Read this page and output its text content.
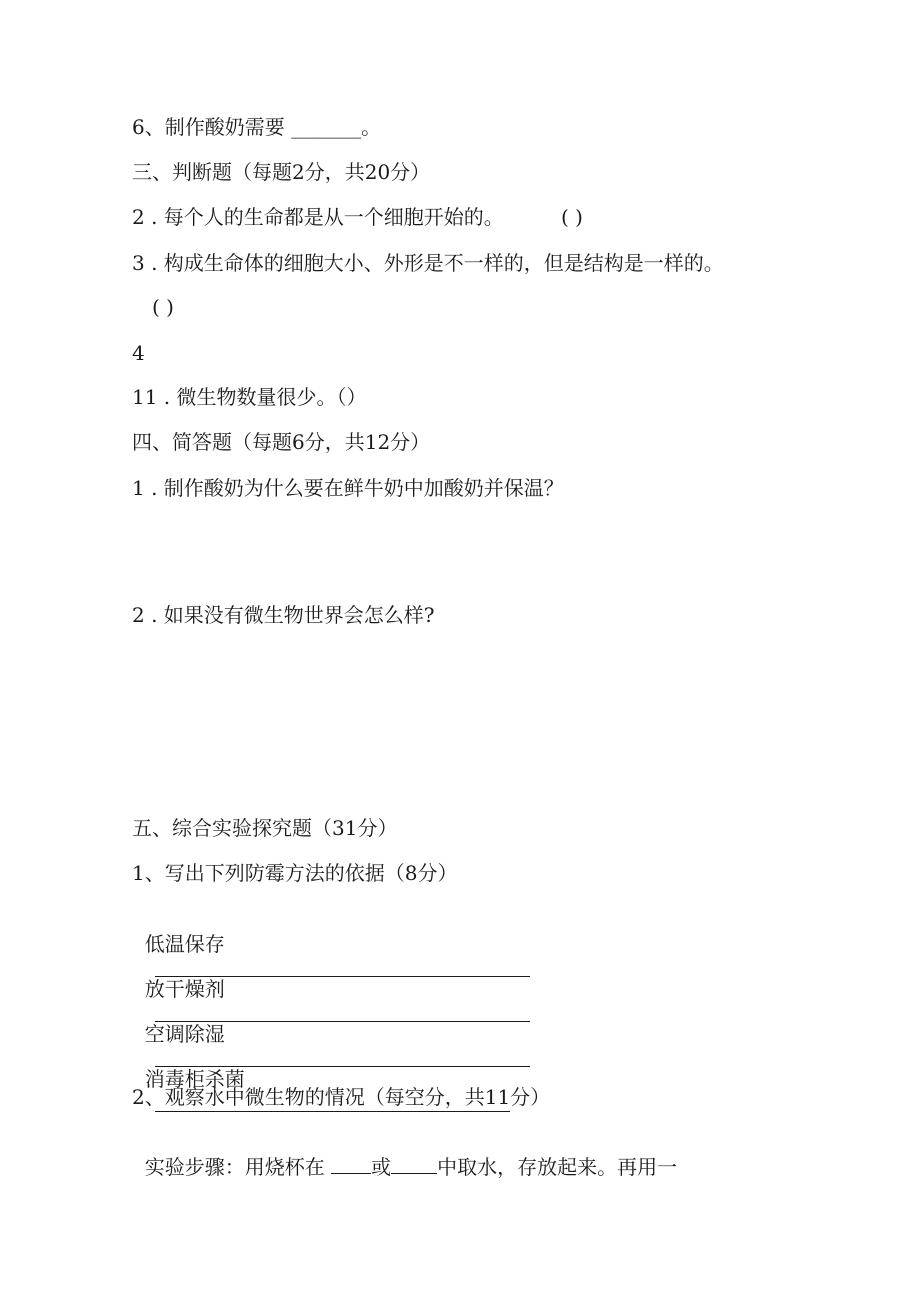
6、制作酸奶需要 _______。
三、判断题（每题2分，共20分）
2 . 每个人的生命都是从一个细胞开始的。         ( )
3 . 构成生命体的细胞大小、外形是不一样的，但是结构是一样的。
( )
4
11 . 微生物数量很少。（）
四、简答题（每题6分，共12分）
1 . 制作酸奶为什么要在鲜牛奶中加酸奶并保温？
2 . 如果没有微生物世界会怎么样?
五、综合实验探究题（31分）
1、写出下列防霉方法的依据（8分）

低温保存

放干燥剂

空调除湿

消毒柜杀菌

2、观察水中微生物的情况（每空分，共11分）

实验步骤：用烧杯在 或 中取水，存放起来。再用一
